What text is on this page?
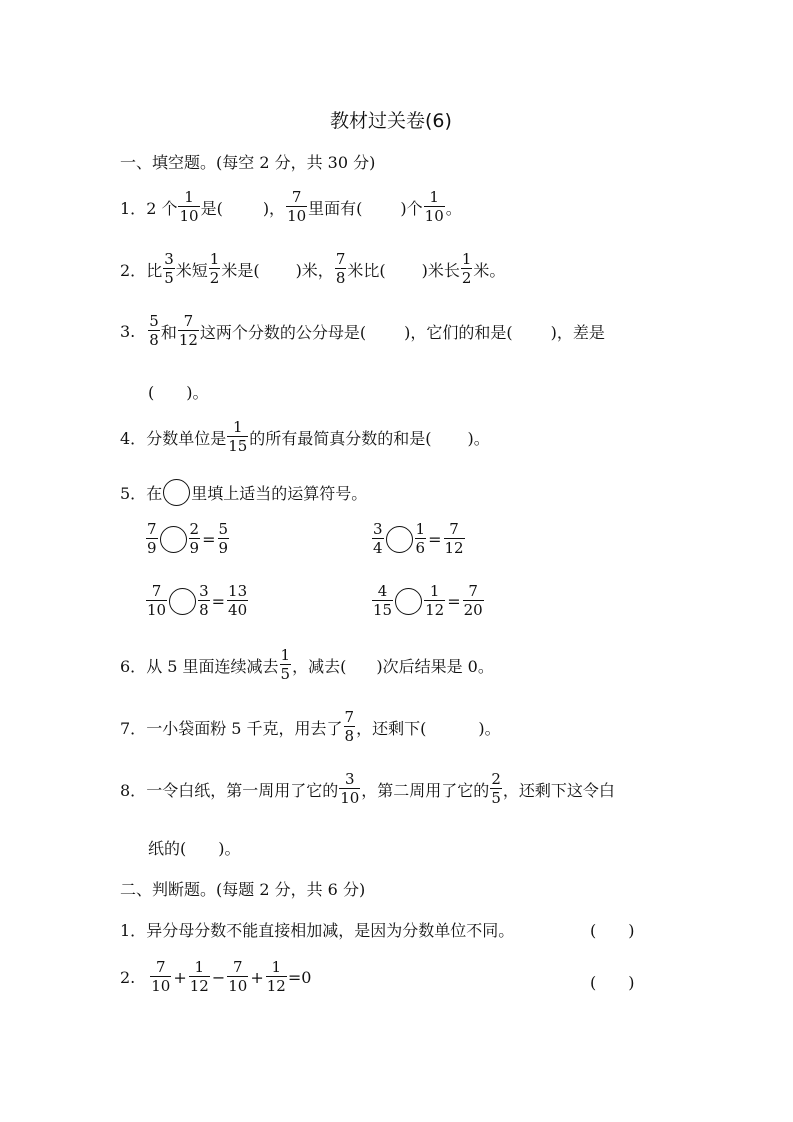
教材过关卷(6)
一、填空题。(每空 2 分，共 30 分)
1． 2 个 $\frac{1}{10}$ 是(	)， $\frac{7}{10}$ 里面有( )个 $\frac{1}{10}$ 。
2． 比 $\frac{3}{5}$ 米短 $\frac{1}{2}$ 米是( )米， $\frac{7}{8}$ 米比( )米长 $\frac{1}{2}$ 米。
3. $\frac{5}{8}$ 和 $\frac{7}{12}$ 这两个分数的公分母是( )，它们的和是( )，差是
(　　)。
4． 分数单位是 $\frac{1}{15}$ 的所有最简真分数的和是( )。
5． 在 里填上适当的运算符号。
$\frac{7}{9} \frac{2}{9} = \frac{5}{9}$	$\frac{3}{4} \frac{1}{6} = \frac{7}{12}$
$\frac{7}{10} \frac{3}{8} = \frac{13}{40}$	$\frac{4}{15} \frac{1}{12} = \frac{7}{20}$
6． 从 5 里面连续减去 $\frac{1}{5}$ ，减去( )次后结果是 0。
7． 一小袋面粉 5 千克，用去了 $\frac{7}{8}$ ，还剩下(	)。
8． 一令白纸，第一周用了它的 $\frac{3}{10}$ ，第二周用了它的 $\frac{2}{5}$ ，还剩下这令白
纸的(　　)。
二、判断题。(每题 2 分，共 6 分)
1．异分母分数不能直接相加减，是因为分数单位不同。	(　　)
2. $\frac{7}{10} + \frac{1}{12} - \frac{7}{10} + \frac{1}{12} =0$	(　　)
